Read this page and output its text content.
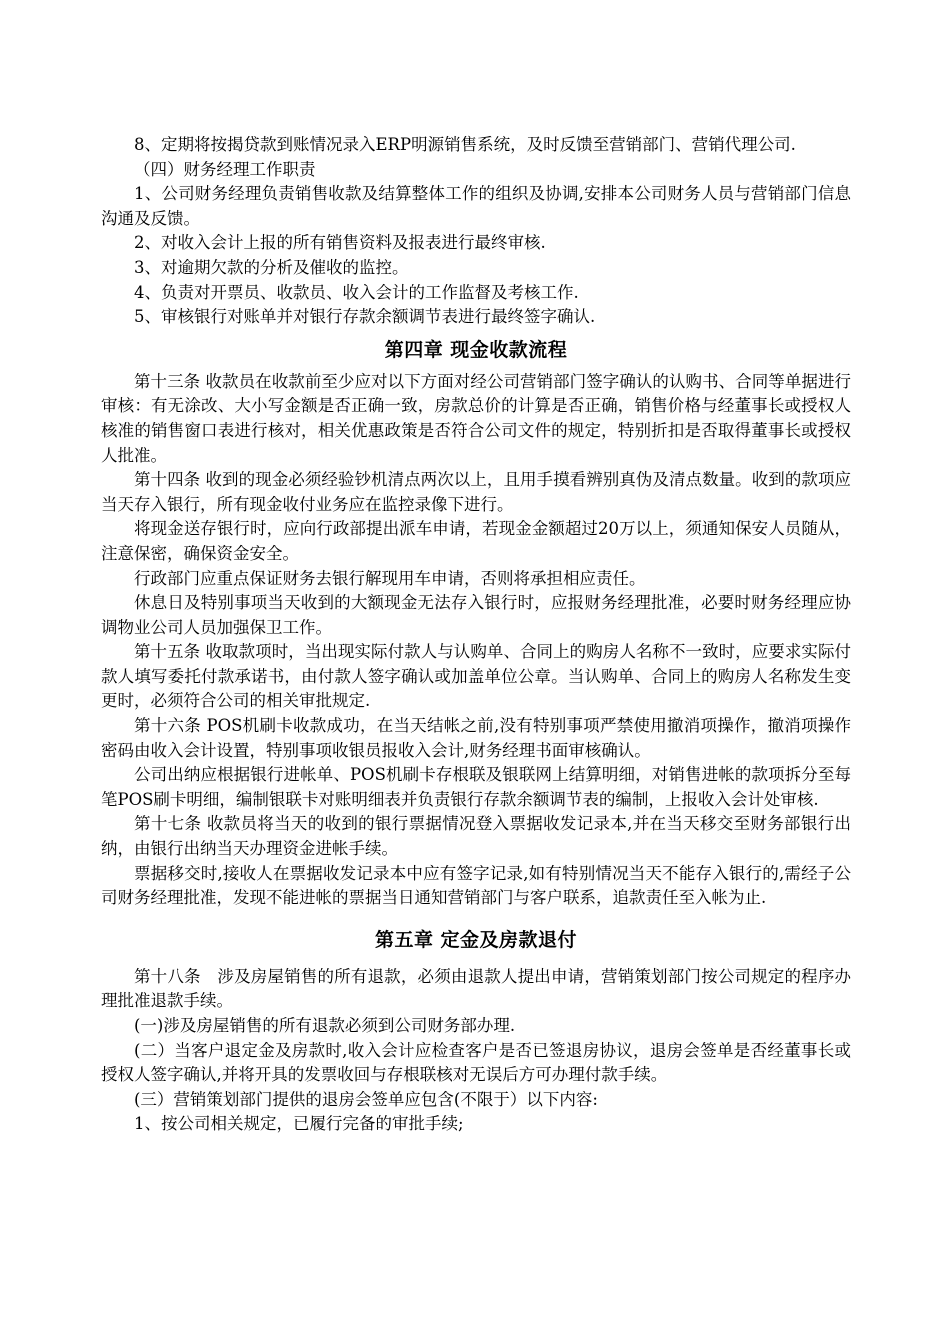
8、定期将按揭贷款到账情况录入ERP明源销售系统，及时反馈至营销部门、营销代理公司.

（四）财务经理工作职责

1、公司财务经理负责销售收款及结算整体工作的组织及协调,安排本公司财务人员与营销部门信息沟通及反馈。

2、对收入会计上报的所有销售资料及报表进行最终审核.

3、对逾期欠款的分析及催收的监控。

4、负责对开票员、收款员、收入会计的工作监督及考核工作.

5、审核银行对账单并对银行存款余额调节表进行最终签字确认.

第四章 现金收款流程

第十三条 收款员在收款前至少应对以下方面对经公司营销部门签字确认的认购书、合同等单据进行审核：有无涂改、大小写金额是否正确一致，房款总价的计算是否正确，销售价格与经董事长或授权人核准的销售窗口表进行核对，相关优惠政策是否符合公司文件的规定，特别折扣是否取得董事长或授权人批准。

第十四条 收到的现金必须经验钞机清点两次以上，且用手摸看辨别真伪及清点数量。收到的款项应当天存入银行，所有现金收付业务应在监控录像下进行。

将现金送存银行时，应向行政部提出派车申请，若现金金额超过20万以上，须通知保安人员随从，注意保密，确保资金安全。

行政部门应重点保证财务去银行解现用车申请，否则将承担相应责任。

休息日及特别事项当天收到的大额现金无法存入银行时，应报财务经理批准，必要时财务经理应协调物业公司人员加强保卫工作。

第十五条 收取款项时，当出现实际付款人与认购单、合同上的购房人名称不一致时，应要求实际付款人填写委托付款承诺书，由付款人签字确认或加盖单位公章。当认购单、合同上的购房人名称发生变更时，必须符合公司的相关审批规定.

第十六条 POS机刷卡收款成功，在当天结帐之前,没有特别事项严禁使用撤消项操作，撤消项操作密码由收入会计设置，特别事项收银员报收入会计,财务经理书面审核确认。

公司出纳应根据银行进帐单、POS机刷卡存根联及银联网上结算明细，对销售进帐的款项拆分至每笔POS刷卡明细，编制银联卡对账明细表并负责银行存款余额调节表的编制，上报收入会计处审核.

第十七条 收款员将当天的收到的银行票据情况登入票据收发记录本,并在当天移交至财务部银行出纳，由银行出纳当天办理资金进帐手续。

票据移交时,接收人在票据收发记录本中应有签字记录,如有特别情况当天不能存入银行的,需经子公司财务经理批准，发现不能进帐的票据当日通知营销部门与客户联系，追款责任至入帐为止.

第五章 定金及房款退付

第十八条　涉及房屋销售的所有退款，必须由退款人提出申请，营销策划部门按公司规定的程序办理批准退款手续。

(一)涉及房屋销售的所有退款必须到公司财务部办理.

(二）当客户退定金及房款时,收入会计应检查客户是否已签退房协议，退房会签单是否经董事长或授权人签字确认,并将开具的发票收回与存根联核对无误后方可办理付款手续。

(三）营销策划部门提供的退房会签单应包含(不限于）以下内容:

1、按公司相关规定，已履行完备的审批手续;
